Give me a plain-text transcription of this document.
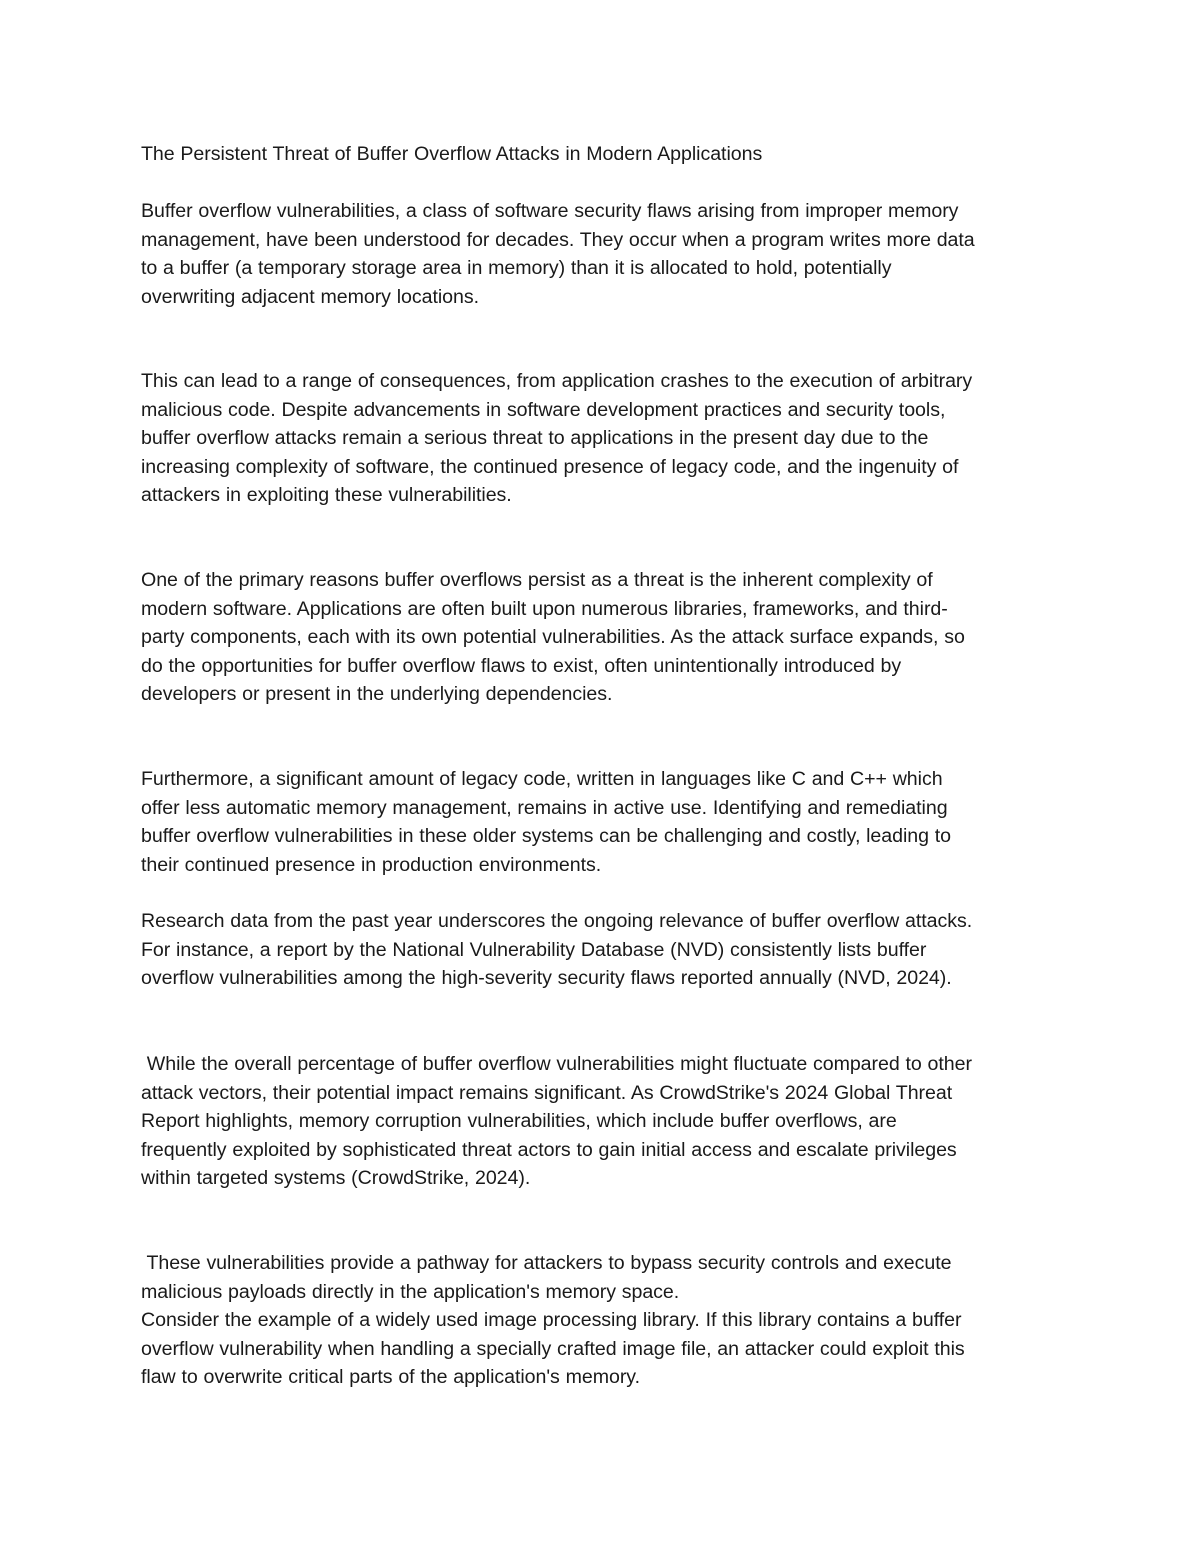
The Persistent Threat of Buffer Overflow Attacks in Modern Applications
Buffer overflow vulnerabilities, a class of software security flaws arising from improper memory
management, have been understood for decades. They occur when a program writes more data
to a buffer (a temporary storage area in memory) than it is allocated to hold, potentially
overwriting adjacent memory locations.
This can lead to a range of consequences, from application crashes to the execution of arbitrary
malicious code. Despite advancements in software development practices and security tools,
buffer overflow attacks remain a serious threat to applications in the present day due to the
increasing complexity of software, the continued presence of legacy code, and the ingenuity of
attackers in exploiting these vulnerabilities.
One of the primary reasons buffer overflows persist as a threat is the inherent complexity of
modern software. Applications are often built upon numerous libraries, frameworks, and third-
party components, each with its own potential vulnerabilities. As the attack surface expands, so
do the opportunities for buffer overflow flaws to exist, often unintentionally introduced by
developers or present in the underlying dependencies.
Furthermore, a significant amount of legacy code, written in languages like C and C++ which
offer less automatic memory management, remains in active use. Identifying and remediating
buffer overflow vulnerabilities in these older systems can be challenging and costly, leading to
their continued presence in production environments.
Research data from the past year underscores the ongoing relevance of buffer overflow attacks.
For instance, a report by the National Vulnerability Database (NVD) consistently lists buffer
overflow vulnerabilities among the high-severity security flaws reported annually (NVD, 2024).
While the overall percentage of buffer overflow vulnerabilities might fluctuate compared to other
attack vectors, their potential impact remains significant. As CrowdStrike's 2024 Global Threat
Report highlights, memory corruption vulnerabilities, which include buffer overflows, are
frequently exploited by sophisticated threat actors to gain initial access and escalate privileges
within targeted systems (CrowdStrike, 2024).
These vulnerabilities provide a pathway for attackers to bypass security controls and execute
malicious payloads directly in the application's memory space.
Consider the example of a widely used image processing library. If this library contains a buffer
overflow vulnerability when handling a specially crafted image file, an attacker could exploit this
flaw to overwrite critical parts of the application's memory.
